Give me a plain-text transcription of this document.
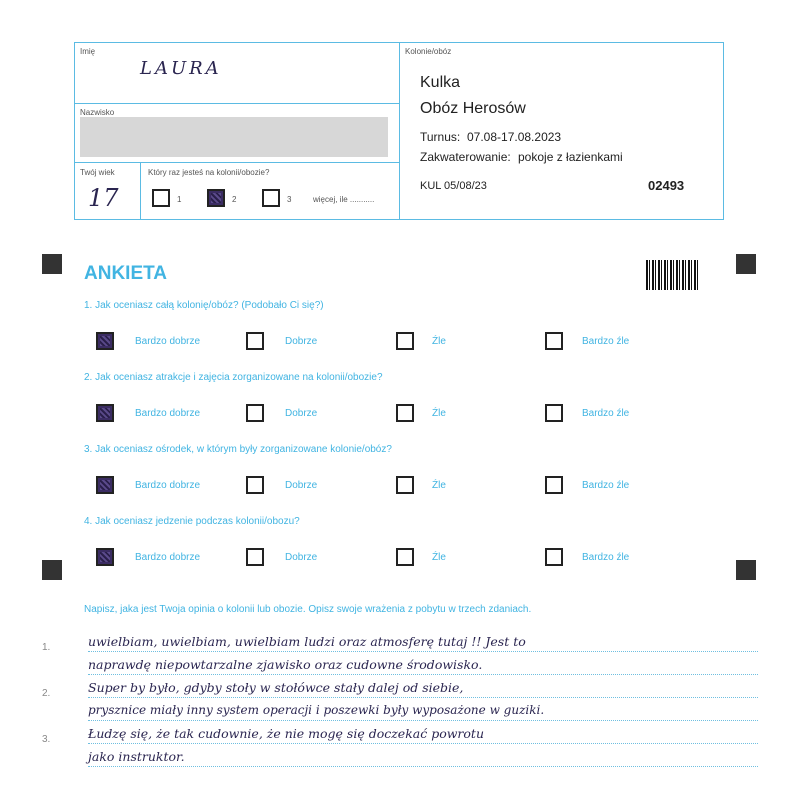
Imię
LAURA
Nazwisko
Twój wiek
17
Który raz jesteś na kolonii/obozie?
1	2	3	więcej, ile ...........
Kolonie/obóz
Kulka
Obóz Herosów
Turnus: 07.08-17.08.2023
Zakwaterowanie: pokoje z łazienkami
KUL 05/08/23	02493
ANKIETA
1. Jak oceniasz całą kolonię/obóz? (Podobało Ci się?)
Bardzo dobrze	Dobrze	Źle	Bardzo źle
2. Jak oceniasz atrakcje i zajęcia zorganizowane na kolonii/obozie?
Bardzo dobrze	Dobrze	Źle	Bardzo źle
3. Jak oceniasz ośrodek, w którym były zorganizowane kolonie/obóz?
Bardzo dobrze	Dobrze	Źle	Bardzo źle
4. Jak oceniasz jedzenie podczas kolonii/obozu?
Bardzo dobrze	Dobrze	Źle	Bardzo źle
Napisz, jaka jest Twoja opinia o kolonii lub obozie. Opisz swoje wrażenia z pobytu w trzech zdaniach.
1.
2.
3.
uwielbiam, uwielbiam, uwielbiam ludzi oraz atmosferę tutaj !! Jest to
naprawdę niepowtarzalne zjawisko oraz cudowne środowisko.
Super by było, gdyby stoły w stołówce stały dalej od siebie,
prysznice miały inny system operacji i poszewki były wyposażone w guziki.
Łudzę się, że tak cudownie, że nie mogę się doczekać powrotu
jako instruktor.
